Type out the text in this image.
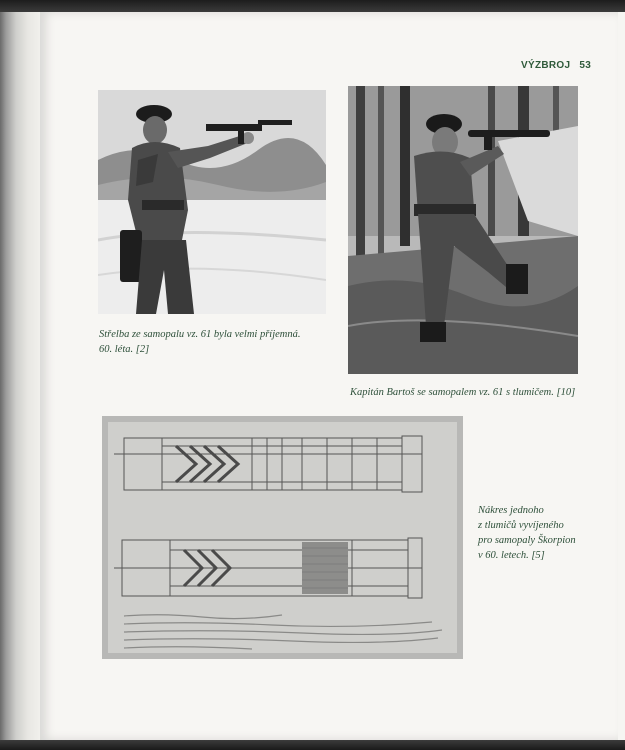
VÝZBROJ 53
Střelba ze samopalu vz. 61 byla velmi příjemná.
60. léta. [2]
Kapitán Bartoš se samopalem vz. 61 s tlumičem. [10]
Nákres jednoho
z tlumičů vyvíjeného
pro samopaly Škorpion
v 60. letech. [5]
